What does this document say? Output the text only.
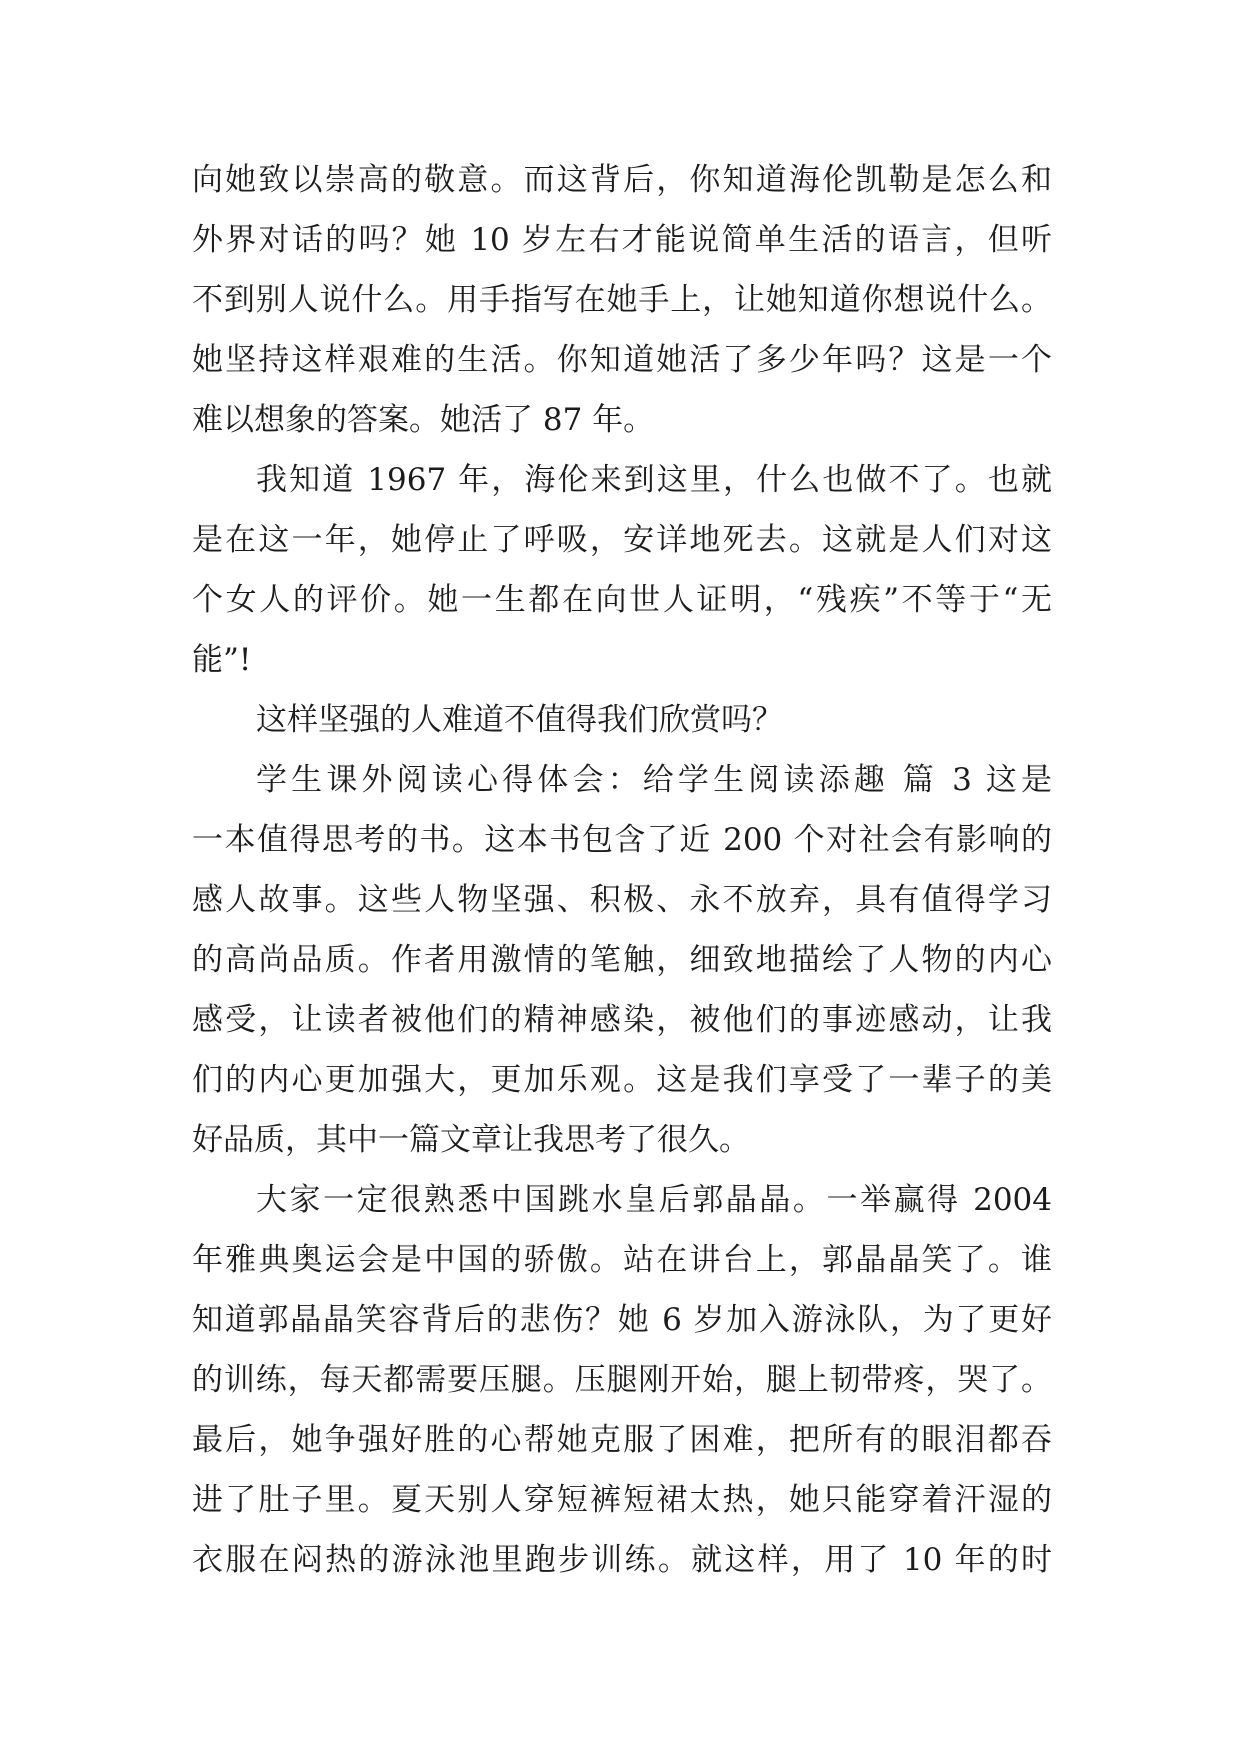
向她致以崇高的敬意。而这背后，你知道海伦凯勒是怎么和
外界对话的吗？她 10 岁左右才能说简单生活的语言，但听
不到别人说什么。用手指写在她手上，让她知道你想说什么。
她坚持这样艰难的生活。你知道她活了多少年吗？这是一个
难以想象的答案。她活了 87 年。
我知道 1967 年，海伦来到这里，什么也做不了。也就
是在这一年，她停止了呼吸，安详地死去。这就是人们对这
个女人的评价。她一生都在向世人证明，“残疾”不等于“无
能”!
这样坚强的人难道不值得我们欣赏吗？
学生课外阅读心得体会：给学生阅读添趣 篇 3 这是
一本值得思考的书。这本书包含了近 200 个对社会有影响的
感人故事。这些人物坚强、积极、永不放弃，具有值得学习
的高尚品质。作者用激情的笔触，细致地描绘了人物的内心
感受，让读者被他们的精神感染，被他们的事迹感动，让我
们的内心更加强大，更加乐观。这是我们享受了一辈子的美
好品质，其中一篇文章让我思考了很久。
大家一定很熟悉中国跳水皇后郭晶晶。一举赢得 2004
年雅典奥运会是中国的骄傲。站在讲台上，郭晶晶笑了。谁
知道郭晶晶笑容背后的悲伤？她 6 岁加入游泳队，为了更好
的训练，每天都需要压腿。压腿刚开始，腿上韧带疼，哭了。
最后，她争强好胜的心帮她克服了困难，把所有的眼泪都吞
进了肚子里。夏天别人穿短裤短裙太热，她只能穿着汗湿的
衣服在闷热的游泳池里跑步训练。就这样，用了 10 年的时
